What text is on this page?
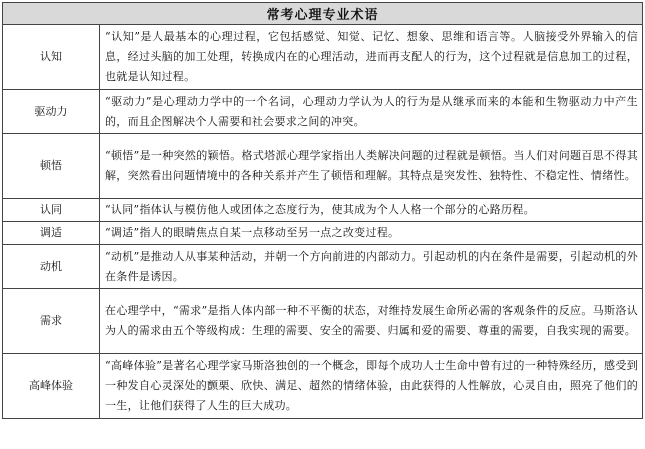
常考心理专业术语	
认知	“认知”是人最基本的心理过程，它包括感觉、知觉、记忆、想象、思维和语言等。人脑接受外界输入的信息，经过头脑的加工处理，转换成内在的心理活动，进而再支配人的行为，这个过程就是信息加工的过程，也就是认知过程。
驱动力	“驱动力”是心理动力学中的一个名词，心理动力学认为人的行为是从继承而来的本能和生物驱动力中产生的，而且企图解决个人需要和社会要求之间的冲突。
顿悟	“顿悟”是一种突然的颖悟。格式塔派心理学家指出人类解决问题的过程就是顿悟。当人们对问题百思不得其解，突然看出问题情境中的各种关系并产生了顿悟和理解。其特点是突发性、独特性、不稳定性、情绪性。
认同	“认同”指体认与模仿他人或团体之态度行为，使其成为个人人格一个部分的心路历程。
调适	“调适”指人的眼睛焦点自某一点移动至另一点之改变过程。
动机	“动机”是推动人从事某种活动，并朝一个方向前进的内部动力。引起动机的内在条件是需要，引起动机的外在条件是诱因。
需求	在心理学中，“需求”是指人体内部一种不平衡的状态，对维持发展生命所必需的客观条件的反应。马斯洛认为人的需求由五个等级构成：生理的需要、安全的需要、归属和爱的需要、尊重的需要，自我实现的需要。
高峰体验	“高峰体验”是著名心理学家马斯洛独创的一个概念，即每个成功人士生命中曾有过的一种特殊经历，感受到一种发自心灵深处的颤栗、欣快、满足、超然的情绪体验，由此获得的人性解放，心灵自由，照亮了他们的一生，让他们获得了人生的巨大成功。
